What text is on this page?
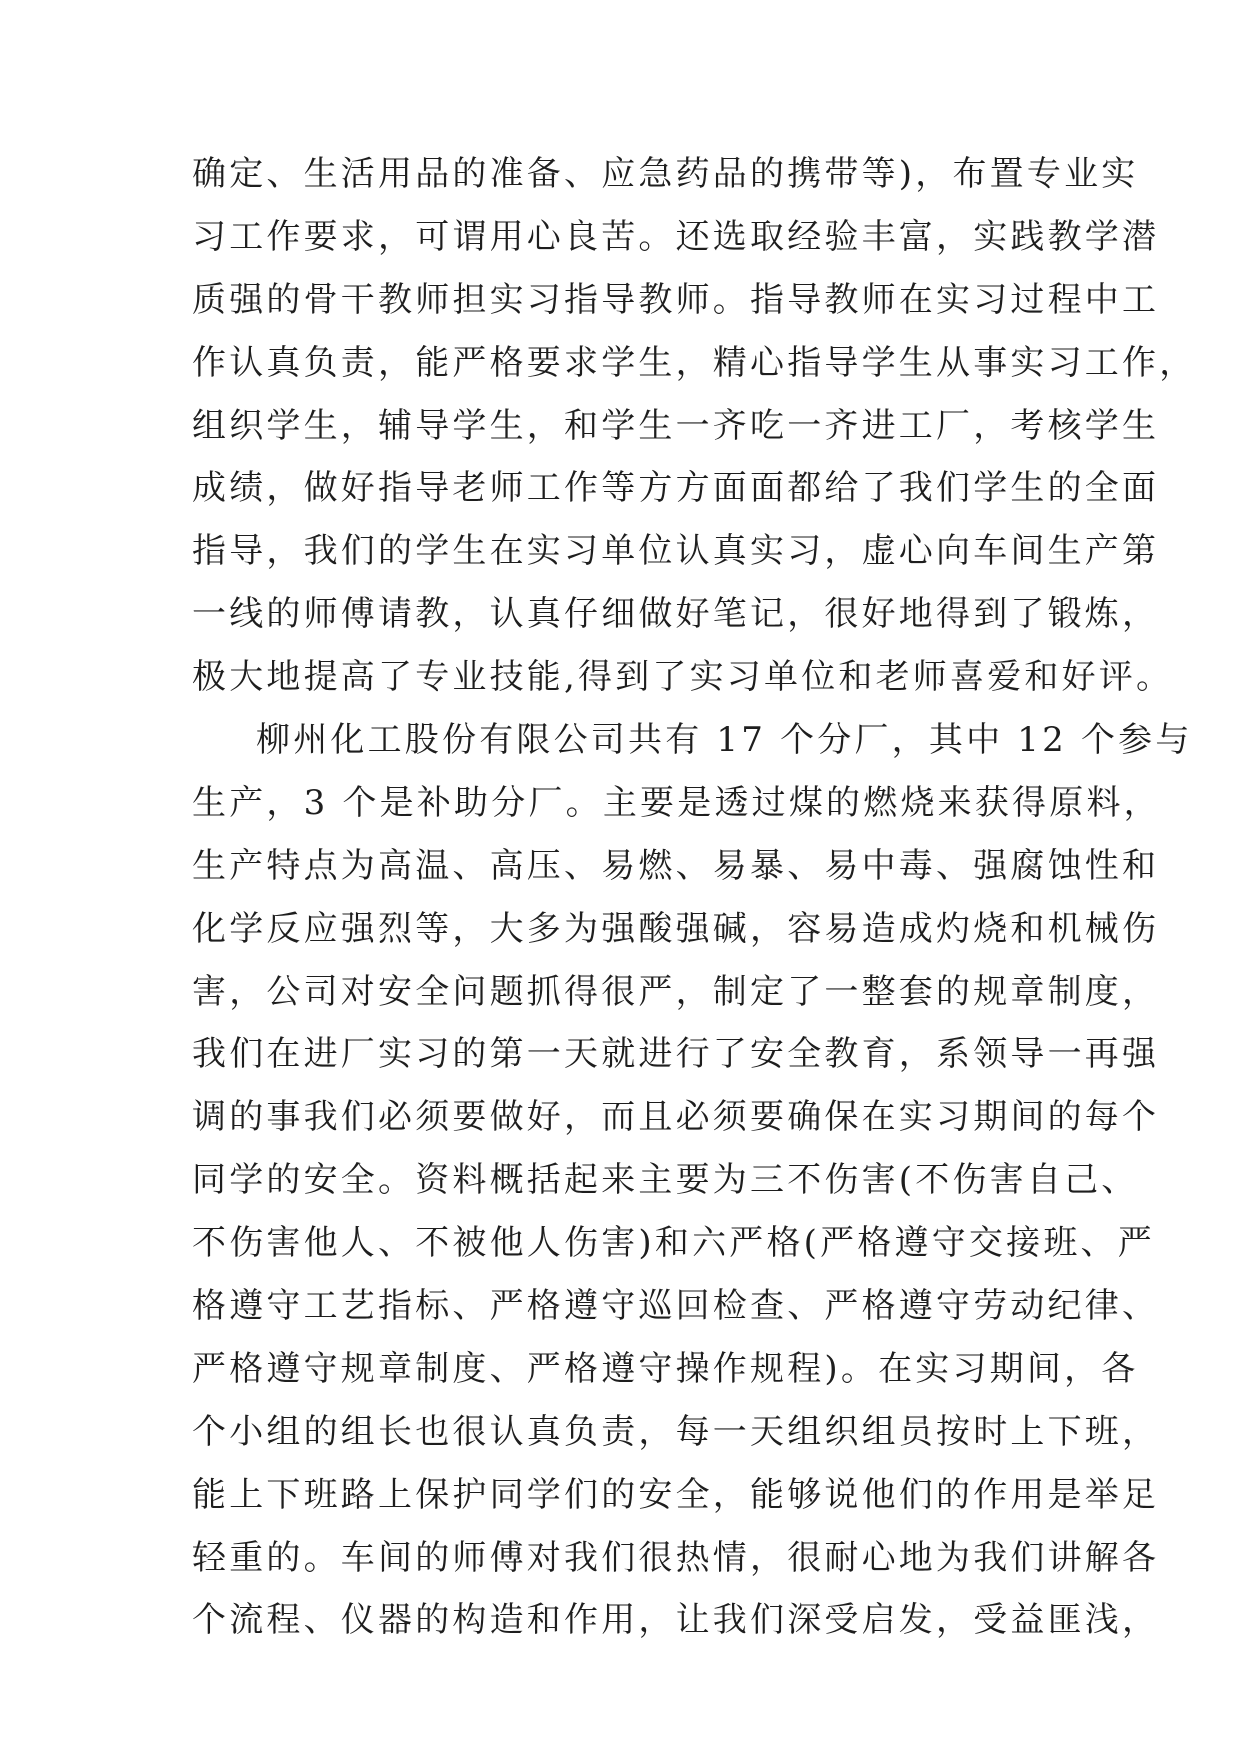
确定、生活用品的准备、应急药品的携带等)，布置专业实
习工作要求，可谓用心良苦。还选取经验丰富，实践教学潜
质强的骨干教师担实习指导教师。指导教师在实习过程中工
作认真负责，能严格要求学生，精心指导学生从事实习工作，
组织学生，辅导学生，和学生一齐吃一齐进工厂，考核学生
成绩，做好指导老师工作等方方面面都给了我们学生的全面
指导，我们的学生在实习单位认真实习，虚心向车间生产第
一线的师傅请教，认真仔细做好笔记，很好地得到了锻炼，
极大地提高了专业技能,得到了实习单位和老师喜爱和好评。
柳州化工股份有限公司共有 17 个分厂，其中 12 个参与
生产，3 个是补助分厂。主要是透过煤的燃烧来获得原料，
生产特点为高温、高压、易燃、易暴、易中毒、强腐蚀性和
化学反应强烈等，大多为强酸强碱，容易造成灼烧和机械伤
害，公司对安全问题抓得很严，制定了一整套的规章制度，
我们在进厂实习的第一天就进行了安全教育，系领导一再强
调的事我们必须要做好，而且必须要确保在实习期间的每个
同学的安全。资料概括起来主要为三不伤害(不伤害自己、
不伤害他人、不被他人伤害)和六严格(严格遵守交接班、严
格遵守工艺指标、严格遵守巡回检查、严格遵守劳动纪律、
严格遵守规章制度、严格遵守操作规程)。在实习期间，各
个小组的组长也很认真负责，每一天组织组员按时上下班，
能上下班路上保护同学们的安全，能够说他们的作用是举足
轻重的。车间的师傅对我们很热情，很耐心地为我们讲解各
个流程、仪器的构造和作用，让我们深受启发，受益匪浅，
